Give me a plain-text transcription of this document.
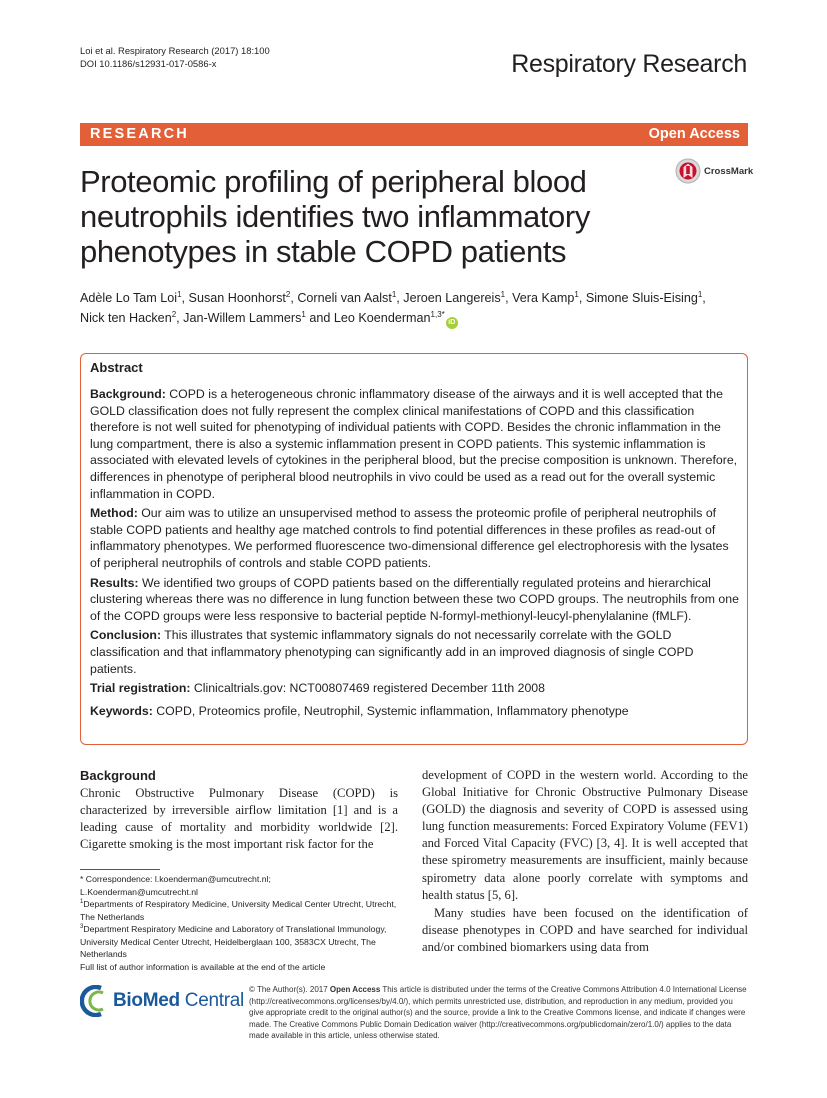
Loi et al. Respiratory Research (2017) 18:100
DOI 10.1186/s12931-017-0586-x	Respiratory Research
RESEARCH	Open Access
CrossMark
Proteomic profiling of peripheral blood neutrophils identifies two inflammatory phenotypes in stable COPD patients
Adèle Lo Tam Loi$^1$, Susan Hoonhorst$^2$, Corneli van Aalst$^1$, Jeroen Langereis$^1$, Vera Kamp$^1$, Simone Sluis-Eising$^1$,
Nick ten Hacken$^2$, Jan-Willem Lammers$^1$ and Leo Koenderman$^{1,3*}$iD
Abstract

Background: COPD is a heterogeneous chronic inflammatory disease of the airways and it is well accepted that the GOLD classification does not fully represent the complex clinical manifestations of COPD and this classification therefore is not well suited for phenotyping of individual patients with COPD. Besides the chronic inflammation in the lung compartment, there is also a systemic inflammation present in COPD patients. This systemic inflammation is associated with elevated levels of cytokines in the peripheral blood, but the precise composition is unknown. Therefore, differences in phenotype of peripheral blood neutrophils in vivo could be used as a read out for the overall systemic inflammation in COPD.

Method: Our aim was to utilize an unsupervised method to assess the proteomic profile of peripheral neutrophils of stable COPD patients and healthy age matched controls to find potential differences in these profiles as read-out of inflammatory phenotypes. We performed fluorescence two-dimensional difference gel electrophoresis with the lysates of peripheral neutrophils of controls and stable COPD patients.

Results: We identified two groups of COPD patients based on the differentially regulated proteins and hierarchical clustering whereas there was no difference in lung function between these two COPD groups. The neutrophils from one of the COPD groups were less responsive to bacterial peptide N-formyl-methionyl-leucyl-phenylalanine (fMLF).

Conclusion: This illustrates that systemic inflammatory signals do not necessarily correlate with the GOLD classification and that inflammatory phenotyping can significantly add in an improved diagnosis of single COPD patients.

Trial registration: Clinicaltrials.gov: NCT00807469 registered December 11th 2008

Keywords: COPD, Proteomics profile, Neutrophil, Systemic inflammation, Inflammatory phenotype

Background

Chronic Obstructive Pulmonary Disease (COPD) is characterized by irreversible airflow limitation [1] and is a leading cause of mortality and morbidity worldwide [2]. Cigarette smoking is the most important risk factor for the

development of COPD in the western world. According to the Global Initiative for Chronic Obstructive Pulmonary Disease (GOLD) the diagnosis and severity of COPD is assessed using lung function measurements: Forced Expiratory Volume (FEV1) and Forced Vital Capacity (FVC) [3, 4]. It is well accepted that these spirometry measurements are insufficient, mainly because spirometry data alone poorly correlate with symptoms and health status [5, 6].

Many studies have been focused on the identification of disease phenotypes in COPD and have searched for individual and/or combined biomarkers using data from

* Correspondence: l.koenderman@umcutrecht.nl;
L.Koenderman@umcutrecht.nl

$^1$Departments of Respiratory Medicine, University Medical Center Utrecht, Utrecht, The Netherlands

$^3$Department Respiratory Medicine and Laboratory of Translational Immunology, University Medical Center Utrecht, Heidelberglaan 100, 3583CX Utrecht, The Netherlands

Full list of author information is available at the end of the article

BioMed Central
© The Author(s). 2017 Open Access This article is distributed under the terms of the Creative Commons Attribution 4.0 International License (http://creativecommons.org/licenses/by/4.0/), which permits unrestricted use, distribution, and reproduction in any medium, provided you give appropriate credit to the original author(s) and the source, provide a link to the Creative Commons license, and indicate if changes were made. The Creative Commons Public Domain Dedication waiver (http://creativecommons.org/publicdomain/zero/1.0/) applies to the data made available in this article, unless otherwise stated.
